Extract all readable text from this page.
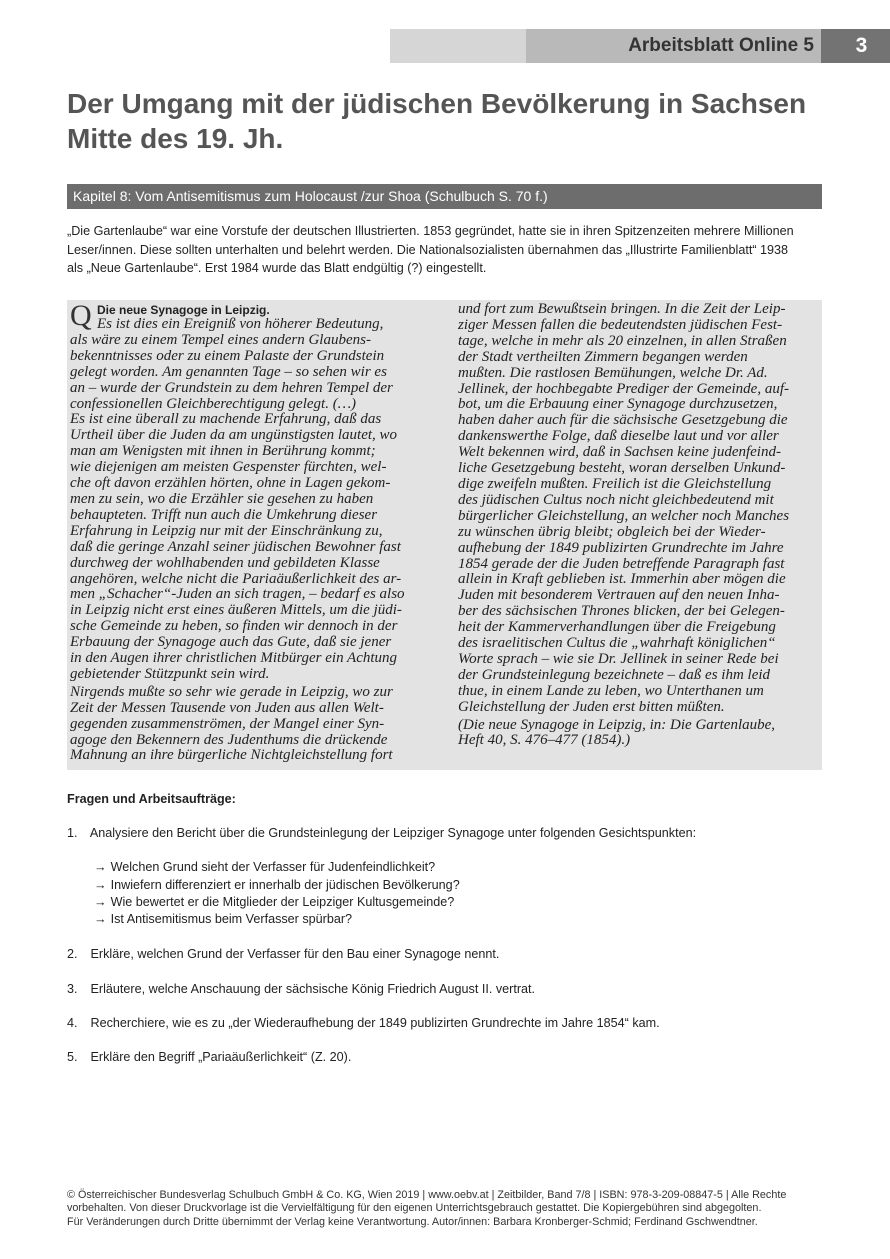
Arbeitsblatt Online 5	3
Der Umgang mit der jüdischen Bevölkerung in Sachsen
Mitte des 19. Jh.
Kapitel 8: Vom Antisemitismus zum Holocaust /zur Shoa (Schulbuch S. 70 f.)
„Die Gartenlaube“ war eine Vorstufe der deutschen Illustrierten. 1853 gegründet, hatte sie in ihren Spitzenzeiten mehrere Millionen
Leser/innen. Diese sollten unterhalten und belehrt werden. Die Nationalsozialisten übernahmen das „Illustrirte Familienblatt“ 1938
als „Neue Gartenlaube“. Erst 1984 wurde das Blatt endgültig (?) eingestellt.
Q Die neue Synagoge in Leipzig.

Es ist dies ein Ereigniß von höherer Bedeutung,
als wäre zu einem Tempel eines andern Glaubens-
bekenntnisses oder zu einem Palaste der Grundstein
gelegt worden. Am genannten Tage – so sehen wir es
an – wurde der Grundstein zu dem hehren Tempel der
confessionellen Gleichberechtigung gelegt. (…)

Es ist eine überall zu machende Erfahrung, daß das
Urtheil über die Juden da am ungünstigsten lautet, wo
man am Wenigsten mit ihnen in Berührung kommt;
wie diejenigen am meisten Gespenster fürchten, wel-
che oft davon erzählen hörten, ohne in Lagen gekom-
men zu sein, wo die Erzähler sie gesehen zu haben
behaupteten. Trifft nun auch die Umkehrung dieser
Erfahrung in Leipzig nur mit der Einschränkung zu,
daß die geringe Anzahl seiner jüdischen Bewohner fast
durchweg der wohlhabenden und gebildeten Klasse
angehören, welche nicht die Pariaäußerlichkeit des ar-
men „Schacher“-Juden an sich tragen, – bedarf es also
in Leipzig nicht erst eines äußeren Mittels, um die jüdi-
sche Gemeinde zu heben, so finden wir dennoch in der
Erbauung der Synagoge auch das Gute, daß sie jener
in den Augen ihrer christlichen Mitbürger ein Achtung
gebietender Stützpunkt sein wird.

Nirgends mußte so sehr wie gerade in Leipzig, wo zur
Zeit der Messen Tausende von Juden aus allen Welt-
gegenden zusammenströmen, der Mangel einer Syn-
agoge den Bekennern des Judenthums die drückende
Mahnung an ihre bürgerliche Nichtgleichstellung fort

und fort zum Bewußtsein bringen. In die Zeit der Leip-
ziger Messen fallen die bedeutendsten jüdischen Fest-
tage, welche in mehr als 20 einzelnen, in allen Straßen
der Stadt vertheilten Zimmern begangen werden
mußten. Die rastlosen Bemühungen, welche Dr. Ad.
Jellinek, der hochbegabte Prediger der Gemeinde, auf-
bot, um die Erbauung einer Synagoge durchzusetzen,
haben daher auch für die sächsische Gesetzgebung die
dankenswerthe Folge, daß dieselbe laut und vor aller
Welt bekennen wird, daß in Sachsen keine judenfeind-
liche Gesetzgebung besteht, woran derselben Unkund-
dige zweifeln mußten. Freilich ist die Gleichstellung
des jüdischen Cultus noch nicht gleichbedeutend mit
bürgerlicher Gleichstellung, an welcher noch Manches
zu wünschen übrig bleibt; obgleich bei der Wieder-
aufhebung der 1849 publizirten Grundrechte im Jahre
1854 gerade der die Juden betreffende Paragraph fast
allein in Kraft geblieben ist. Immerhin aber mögen die
Juden mit besonderem Vertrauen auf den neuen Inha-
ber des sächsischen Thrones blicken, der bei Gelegen-
heit der Kammerverhandlungen über die Freigebung
des israelitischen Cultus die „wahrhaft königlichen“
Worte sprach – wie sie Dr. Jellinek in seiner Rede bei
der Grundsteinlegung bezeichnete – daß es ihm leid
thue, in einem Lande zu leben, wo Unterthanen um
Gleichstellung der Juden erst bitten müßten.

(Die neue Synagoge in Leipzig, in: Die Gartenlaube,
Heft 40, S. 476–477 (1854).)

Fragen und Arbeitsaufträge:
1. Analysiere den Bericht über die Grundsteinlegung der Leipziger Synagoge unter folgenden Gesichtspunkten:
→ Welchen Grund sieht der Verfasser für Judenfeindlichkeit?
→ Inwiefern differenziert er innerhalb der jüdischen Bevölkerung?
→ Wie bewertet er die Mitglieder der Leipziger Kultusgemeinde?
→ Ist Antisemitismus beim Verfasser spürbar?
2. Erkläre, welchen Grund der Verfasser für den Bau einer Synagoge nennt.
3. Erläutere, welche Anschauung der sächsische König Friedrich August II. vertrat.
4. Recherchiere, wie es zu „der Wiederaufhebung der 1849 publizirten Grundrechte im Jahre 1854“ kam.
5. Erkläre den Begriff „Pariaäußerlichkeit“ (Z. 20).
© Österreichischer Bundesverlag Schulbuch GmbH & Co. KG, Wien 2019 | www.oebv.at | Zeitbilder, Band 7/8 | ISBN: 978-3-209-08847-5 | Alle Rechte
vorbehalten. Von dieser Druckvorlage ist die Vervielfältigung für den eigenen Unterrichtsgebrauch gestattet. Die Kopiergebühren sind abgegolten.
Für Veränderungen durch Dritte übernimmt der Verlag keine Verantwortung. Autor/innen: Barbara Kronberger-Schmid; Ferdinand Gschwendtner.
